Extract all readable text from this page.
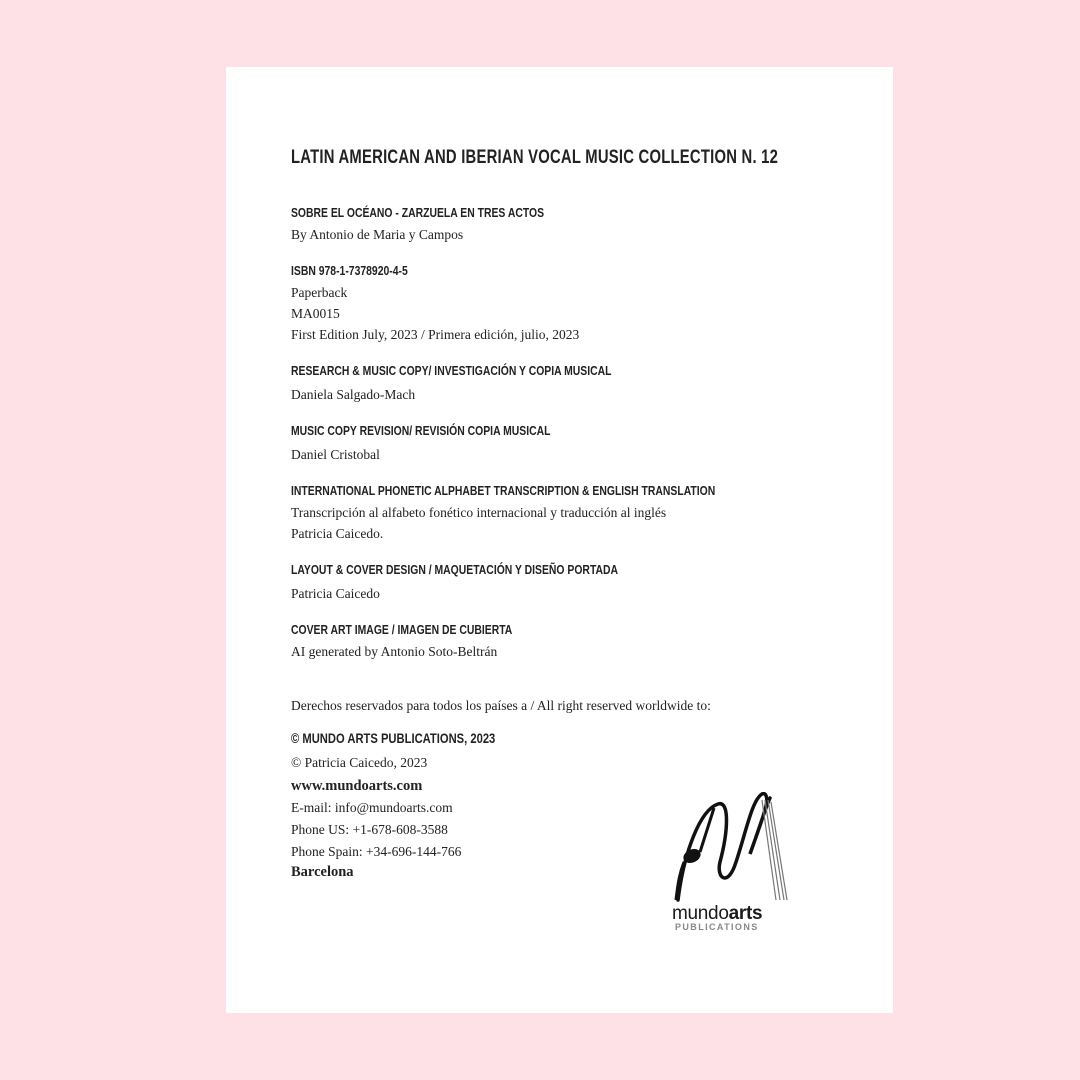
LATIN AMERICAN AND IBERIAN VOCAL MUSIC COLLECTION N. 12
SOBRE EL OCÉANO - ZARZUELA EN TRES ACTOS
By Antonio de Maria y Campos
ISBN 978-1-7378920-4-5
Paperback
MA0015
First Edition July, 2023 / Primera edición, julio, 2023
RESEARCH & MUSIC COPY/ INVESTIGACIÓN Y COPIA MUSICAL
Daniela Salgado-Mach
MUSIC COPY REVISION/ REVISIÓN COPIA MUSICAL
Daniel Cristobal
INTERNATIONAL PHONETIC ALPHABET TRANSCRIPTION & ENGLISH TRANSLATION
Transcripción al alfabeto fonético internacional y traducción al inglés
Patricia Caicedo.
LAYOUT & COVER DESIGN / MAQUETACIÓN Y DISEÑO PORTADA
Patricia Caicedo
COVER ART IMAGE / IMAGEN DE CUBIERTA
AI generated by Antonio Soto-Beltrán
Derechos reservados para todos los países a / All right reserved worldwide to:
© MUNDO ARTS PUBLICATIONS, 2023
© Patricia Caicedo, 2023
www.mundoarts.com
E-mail: info@mundoarts.com
Phone US: +1-678-608-3588
Phone Spain: +34-696-144-766
Barcelona
mundoarts
PUBLICATIONS
